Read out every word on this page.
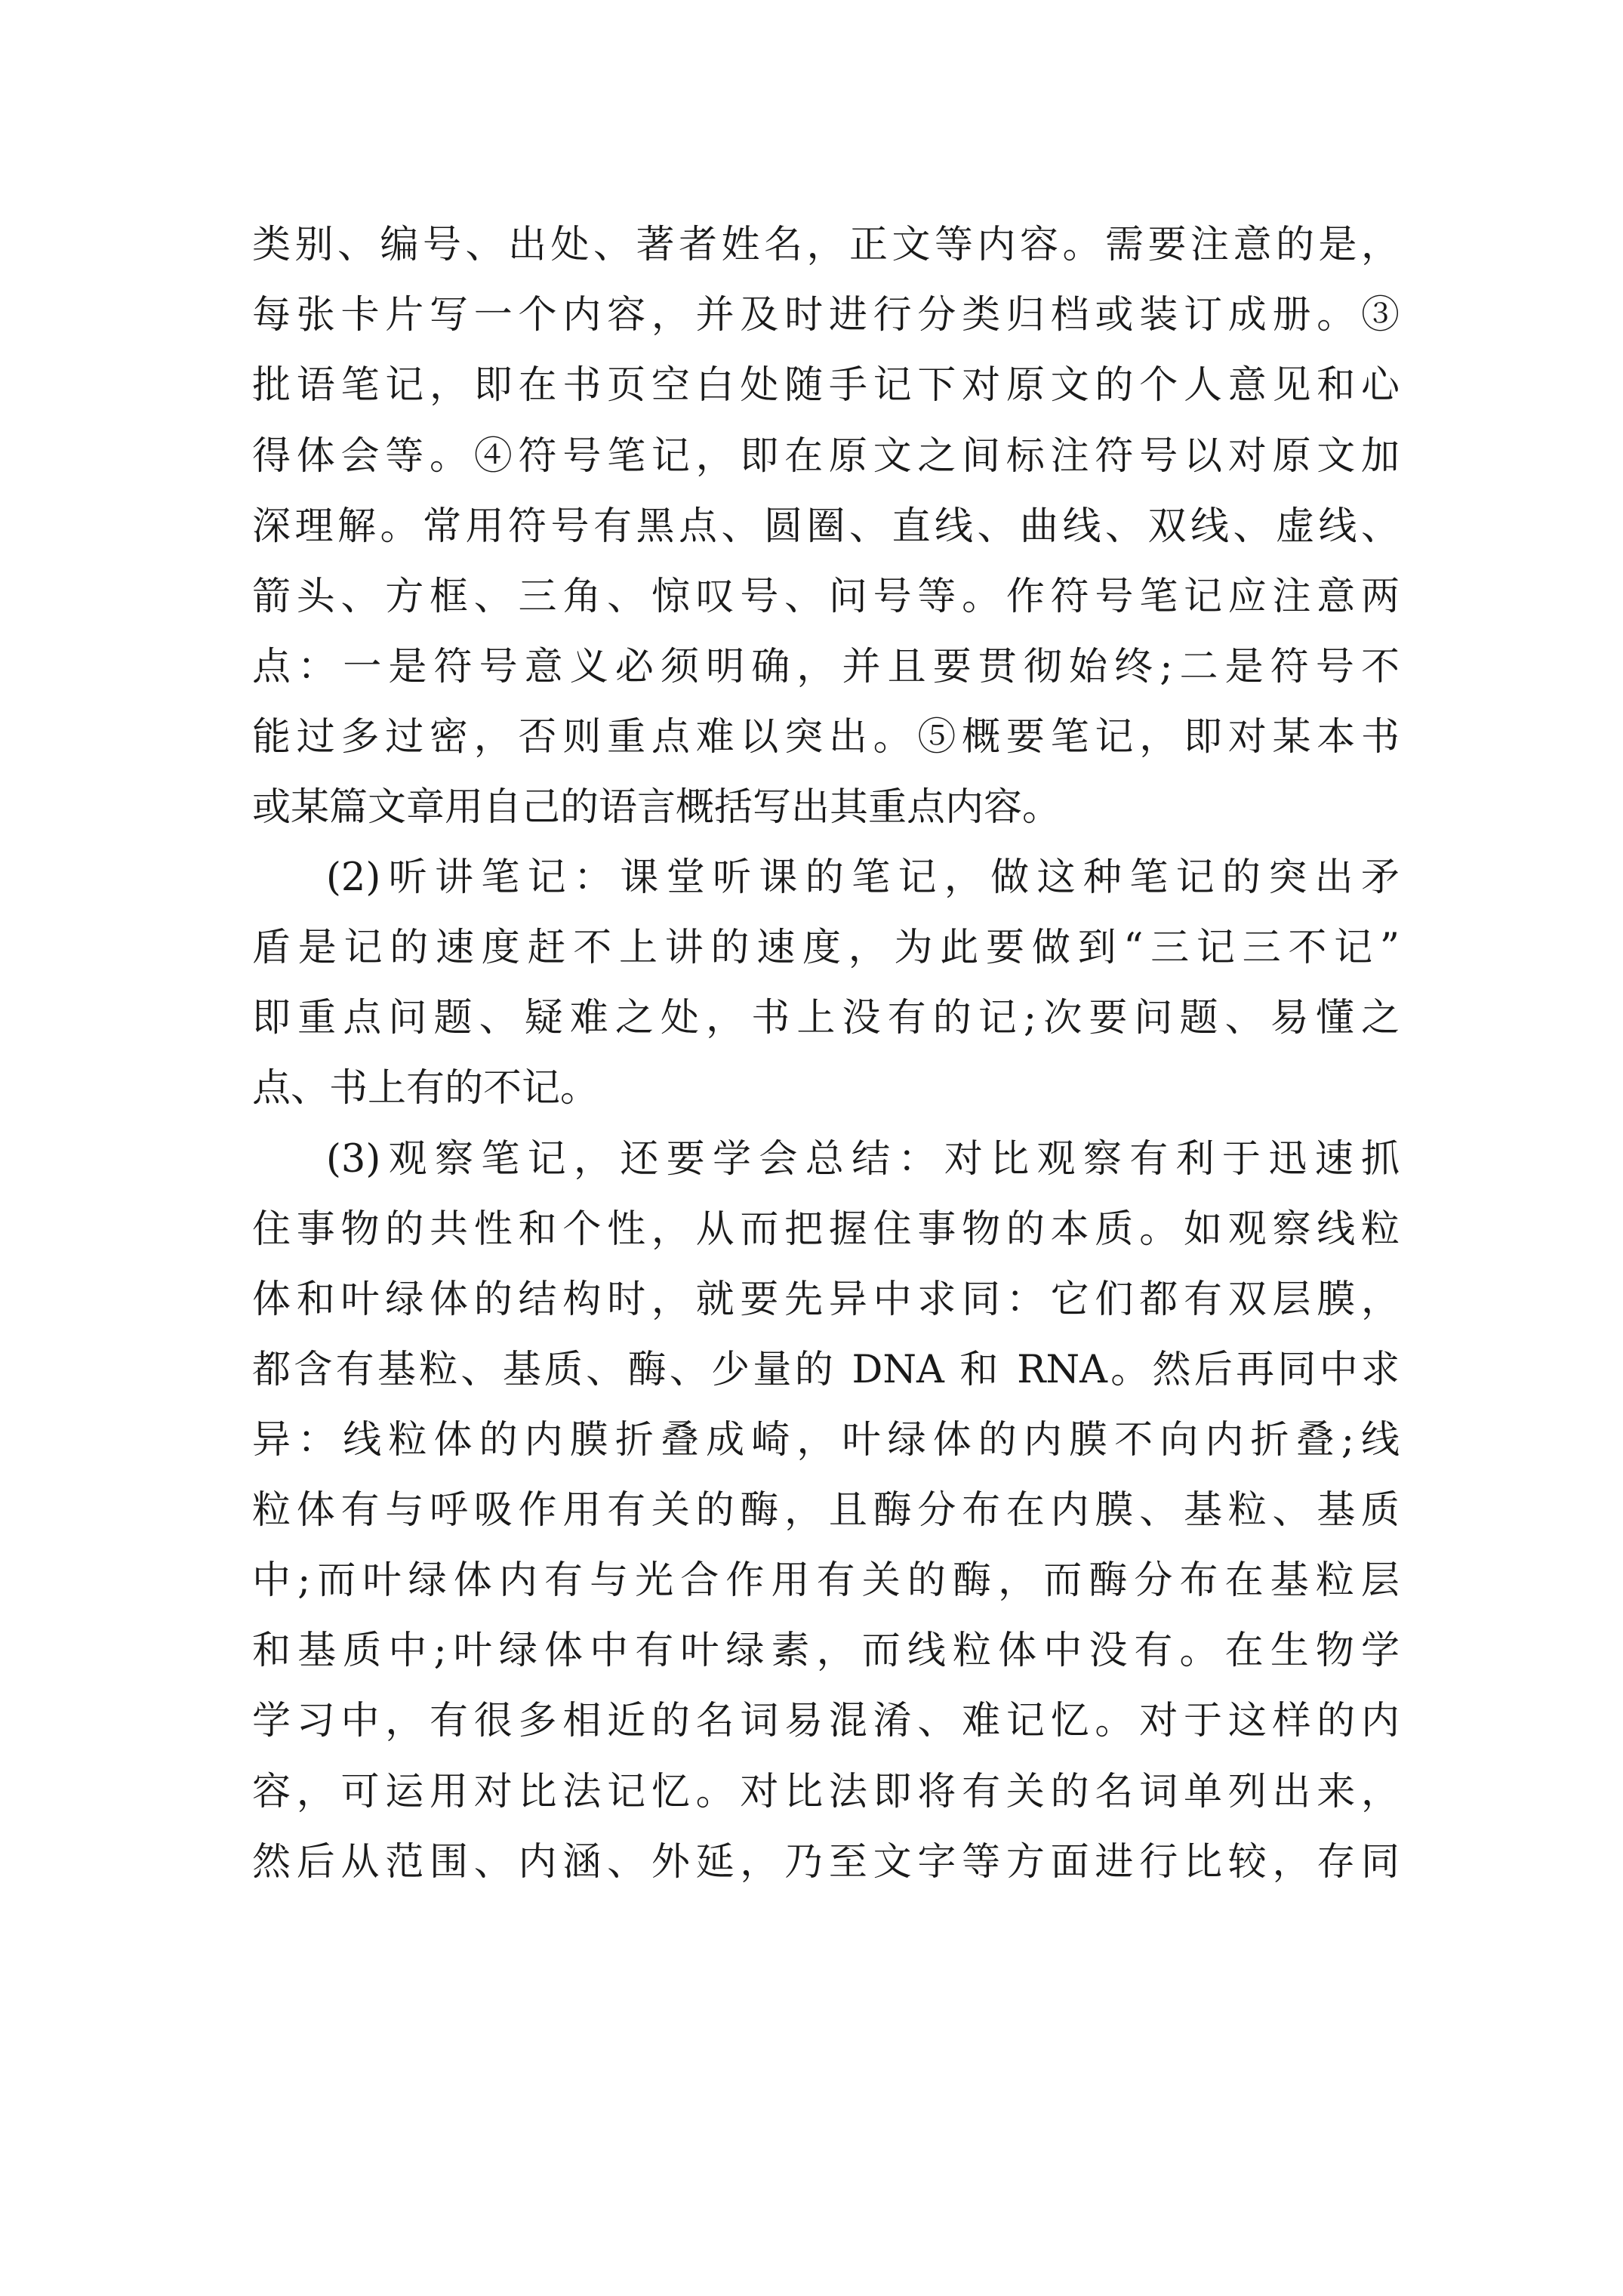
类别、编号、出处、著者姓名，正文等内容。需要注意的是，
每张卡片写一个内容，并及时进行分类归档或装订成册。③
批语笔记，即在书页空白处随手记下对原文的个人意见和心
得体会等。④符号笔记，即在原文之间标注符号以对原文加
深理解。常用符号有黑点、圆圈、直线、曲线、双线、虚线、
箭头、方框、三角、惊叹号、问号等。作符号笔记应注意两
点：一是符号意义必须明确，并且要贯彻始终;二是符号不
能过多过密，否则重点难以突出。⑤概要笔记，即对某本书
或某篇文章用自己的语言概括写出其重点内容。
(2)听讲笔记：课堂听课的笔记，做这种笔记的突出矛
盾是记的速度赶不上讲的速度，为此要做到“三记三不记”
即重点问题、疑难之处，书上没有的记;次要问题、易懂之
点、书上有的不记。
(3)观察笔记，还要学会总结：对比观察有利于迅速抓
住事物的共性和个性，从而把握住事物的本质。如观察线粒
体和叶绿体的结构时，就要先异中求同：它们都有双层膜，
都含有基粒、基质、酶、少量的 DNA 和 RNA。然后再同中求
异：线粒体的内膜折叠成崎，叶绿体的内膜不向内折叠;线
粒体有与呼吸作用有关的酶，且酶分布在内膜、基粒、基质
中;而叶绿体内有与光合作用有关的酶，而酶分布在基粒层
和基质中;叶绿体中有叶绿素，而线粒体中没有。在生物学
学习中，有很多相近的名词易混淆、难记忆。对于这样的内
容，可运用对比法记忆。对比法即将有关的名词单列出来，
然后从范围、内涵、外延，乃至文字等方面进行比较，存同
